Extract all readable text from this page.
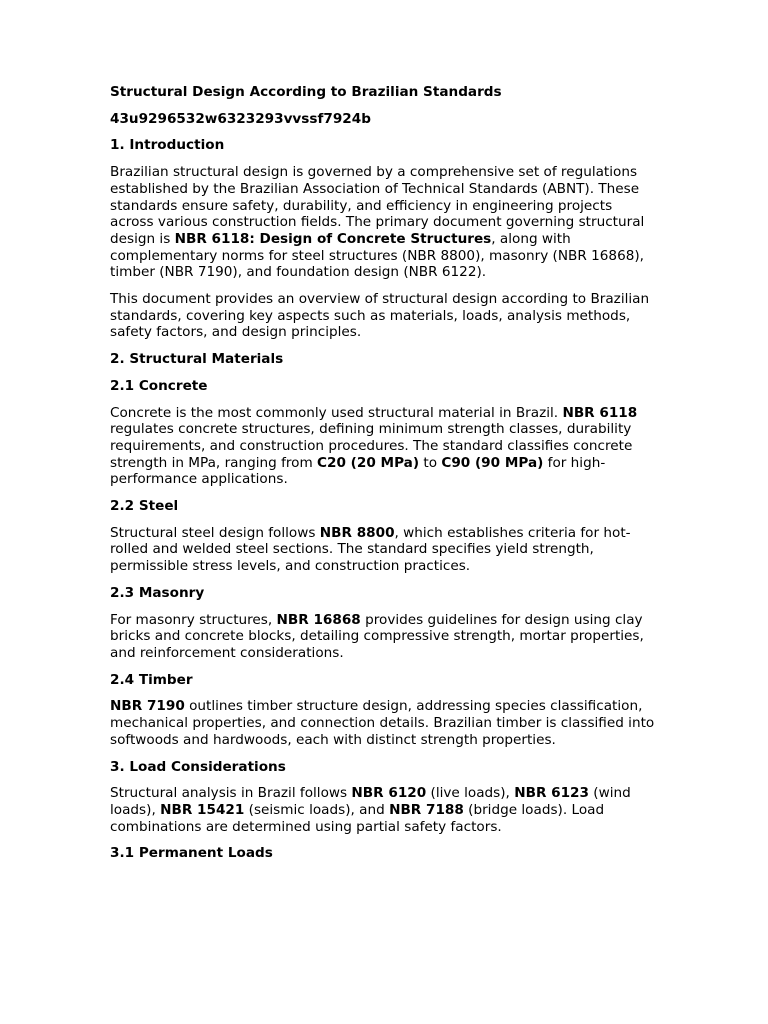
Structural Design According to Brazilian Standards
43u9296532w6323293vvssf7924b
1. Introduction
Brazilian structural design is governed by a comprehensive set of regulations established by the Brazilian Association of Technical Standards (ABNT). These standards ensure safety, durability, and efficiency in engineering projects across various construction fields. The primary document governing structural design is NBR 6118: Design of Concrete Structures, along with complementary norms for steel structures (NBR 8800), masonry (NBR 16868), timber (NBR 7190), and foundation design (NBR 6122).
This document provides an overview of structural design according to Brazilian standards, covering key aspects such as materials, loads, analysis methods, safety factors, and design principles.
2. Structural Materials
2.1 Concrete
Concrete is the most commonly used structural material in Brazil. NBR 6118 regulates concrete structures, defining minimum strength classes, durability requirements, and construction procedures. The standard classifies concrete strength in MPa, ranging from C20 (20 MPa) to C90 (90 MPa) for high-performance applications.
2.2 Steel
Structural steel design follows NBR 8800, which establishes criteria for hot-rolled and welded steel sections. The standard specifies yield strength, permissible stress levels, and construction practices.
2.3 Masonry
For masonry structures, NBR 16868 provides guidelines for design using clay bricks and concrete blocks, detailing compressive strength, mortar properties, and reinforcement considerations.
2.4 Timber
NBR 7190 outlines timber structure design, addressing species classification, mechanical properties, and connection details. Brazilian timber is classified into softwoods and hardwoods, each with distinct strength properties.
3. Load Considerations
Structural analysis in Brazil follows NBR 6120 (live loads), NBR 6123 (wind loads), NBR 15421 (seismic loads), and NBR 7188 (bridge loads). Load combinations are determined using partial safety factors.
3.1 Permanent Loads
